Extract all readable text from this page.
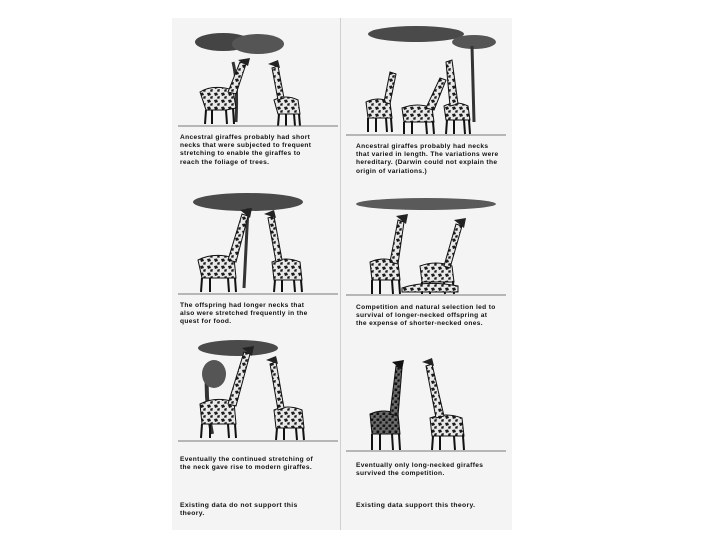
Ancestral giraffes probably had short necks that were subjected to frequent stretching to enable the giraffes to reach the foliage of trees.
The offspring had longer necks that also were stretched frequently in the quest for food.
Eventually the continued stretching of the neck gave rise to modern giraffes.
Existing data do not support this theory.
Ancestral giraffes probably had necks that varied in length. The variations were hereditary. (Darwin could not explain the origin of variations.)
Competition and natural selection led to survival of longer-necked offspring at the expense of shorter-necked ones.
Eventually only long-necked giraffes survived the competition.
Existing data support this theory.
